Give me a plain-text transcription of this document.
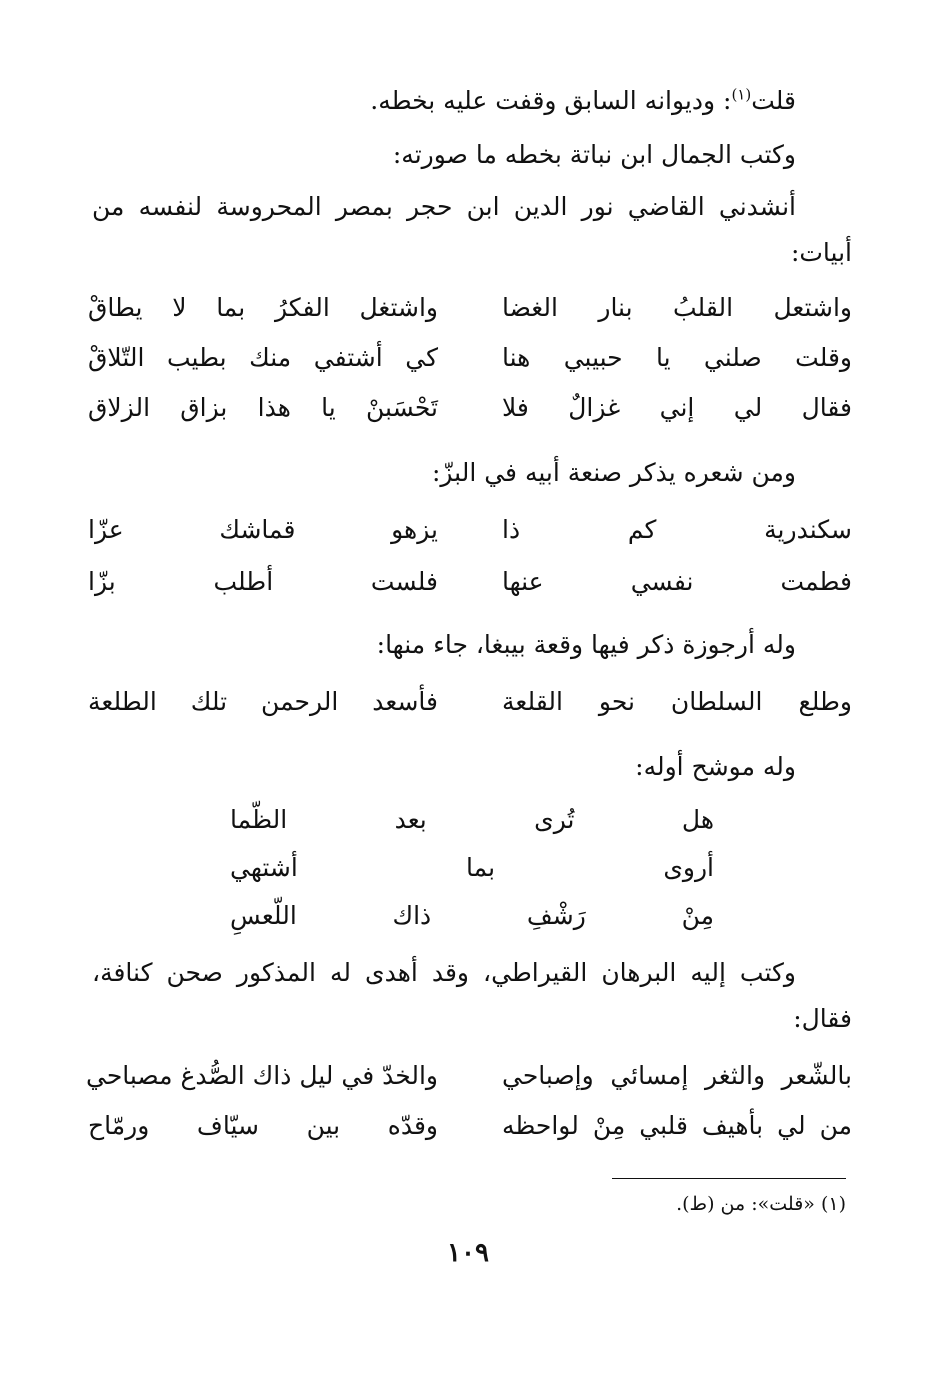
قلت$^{(١)}$: وديوانه السابق وقفت عليه بخطه.
وكتب الجمال ابن نباتة بخطه ما صورته:
أنشدني القاضي نور الدين ابن حجر بمصر المحروسة لنفسه من
أبيات:
واشتعل القلبُ بنار الغضا
واشتغل الفكرُ بما لا يطاقْ
وقلت صلني يا حبيبي هنا
كي أشتفي منك بطيب التّلاقْ
فقال لي إني غزالٌ فلا
تَحْسَبنْ يا هذا بزاق الزلاق
ومن شعره يذكر صنعة أبيه في البزّ:
سكندرية كم ذا
يزهو قماشك عزّا
فطمت نفسي عنها
فلست أطلب بزّا
وله أرجوزة ذكر فيها وقعة بيبغا، جاء منها:
وطلع السلطان نحو القلعة
فأسعد الرحمن تلك الطلعة
وله موشح أوله:
هل تُرى بعد الظّما
أروى بما أشتهي
مِنْ رَشْفِ ذاك اللّعسِ
وكتب إليه البرهان القيراطي، وقد أهدى له المذكور صحن كنافة،
فقال:
بالشّعر والثغر إمسائي وإصباحي
والخدّ في ليل ذاك الصُّدغ مصباحي
من لي بأهيف قلبي مِنْ لواحظه
وقدّه بين سيّاف ورمّاح
(١) «قلت»: من (ط).
١٠٩
